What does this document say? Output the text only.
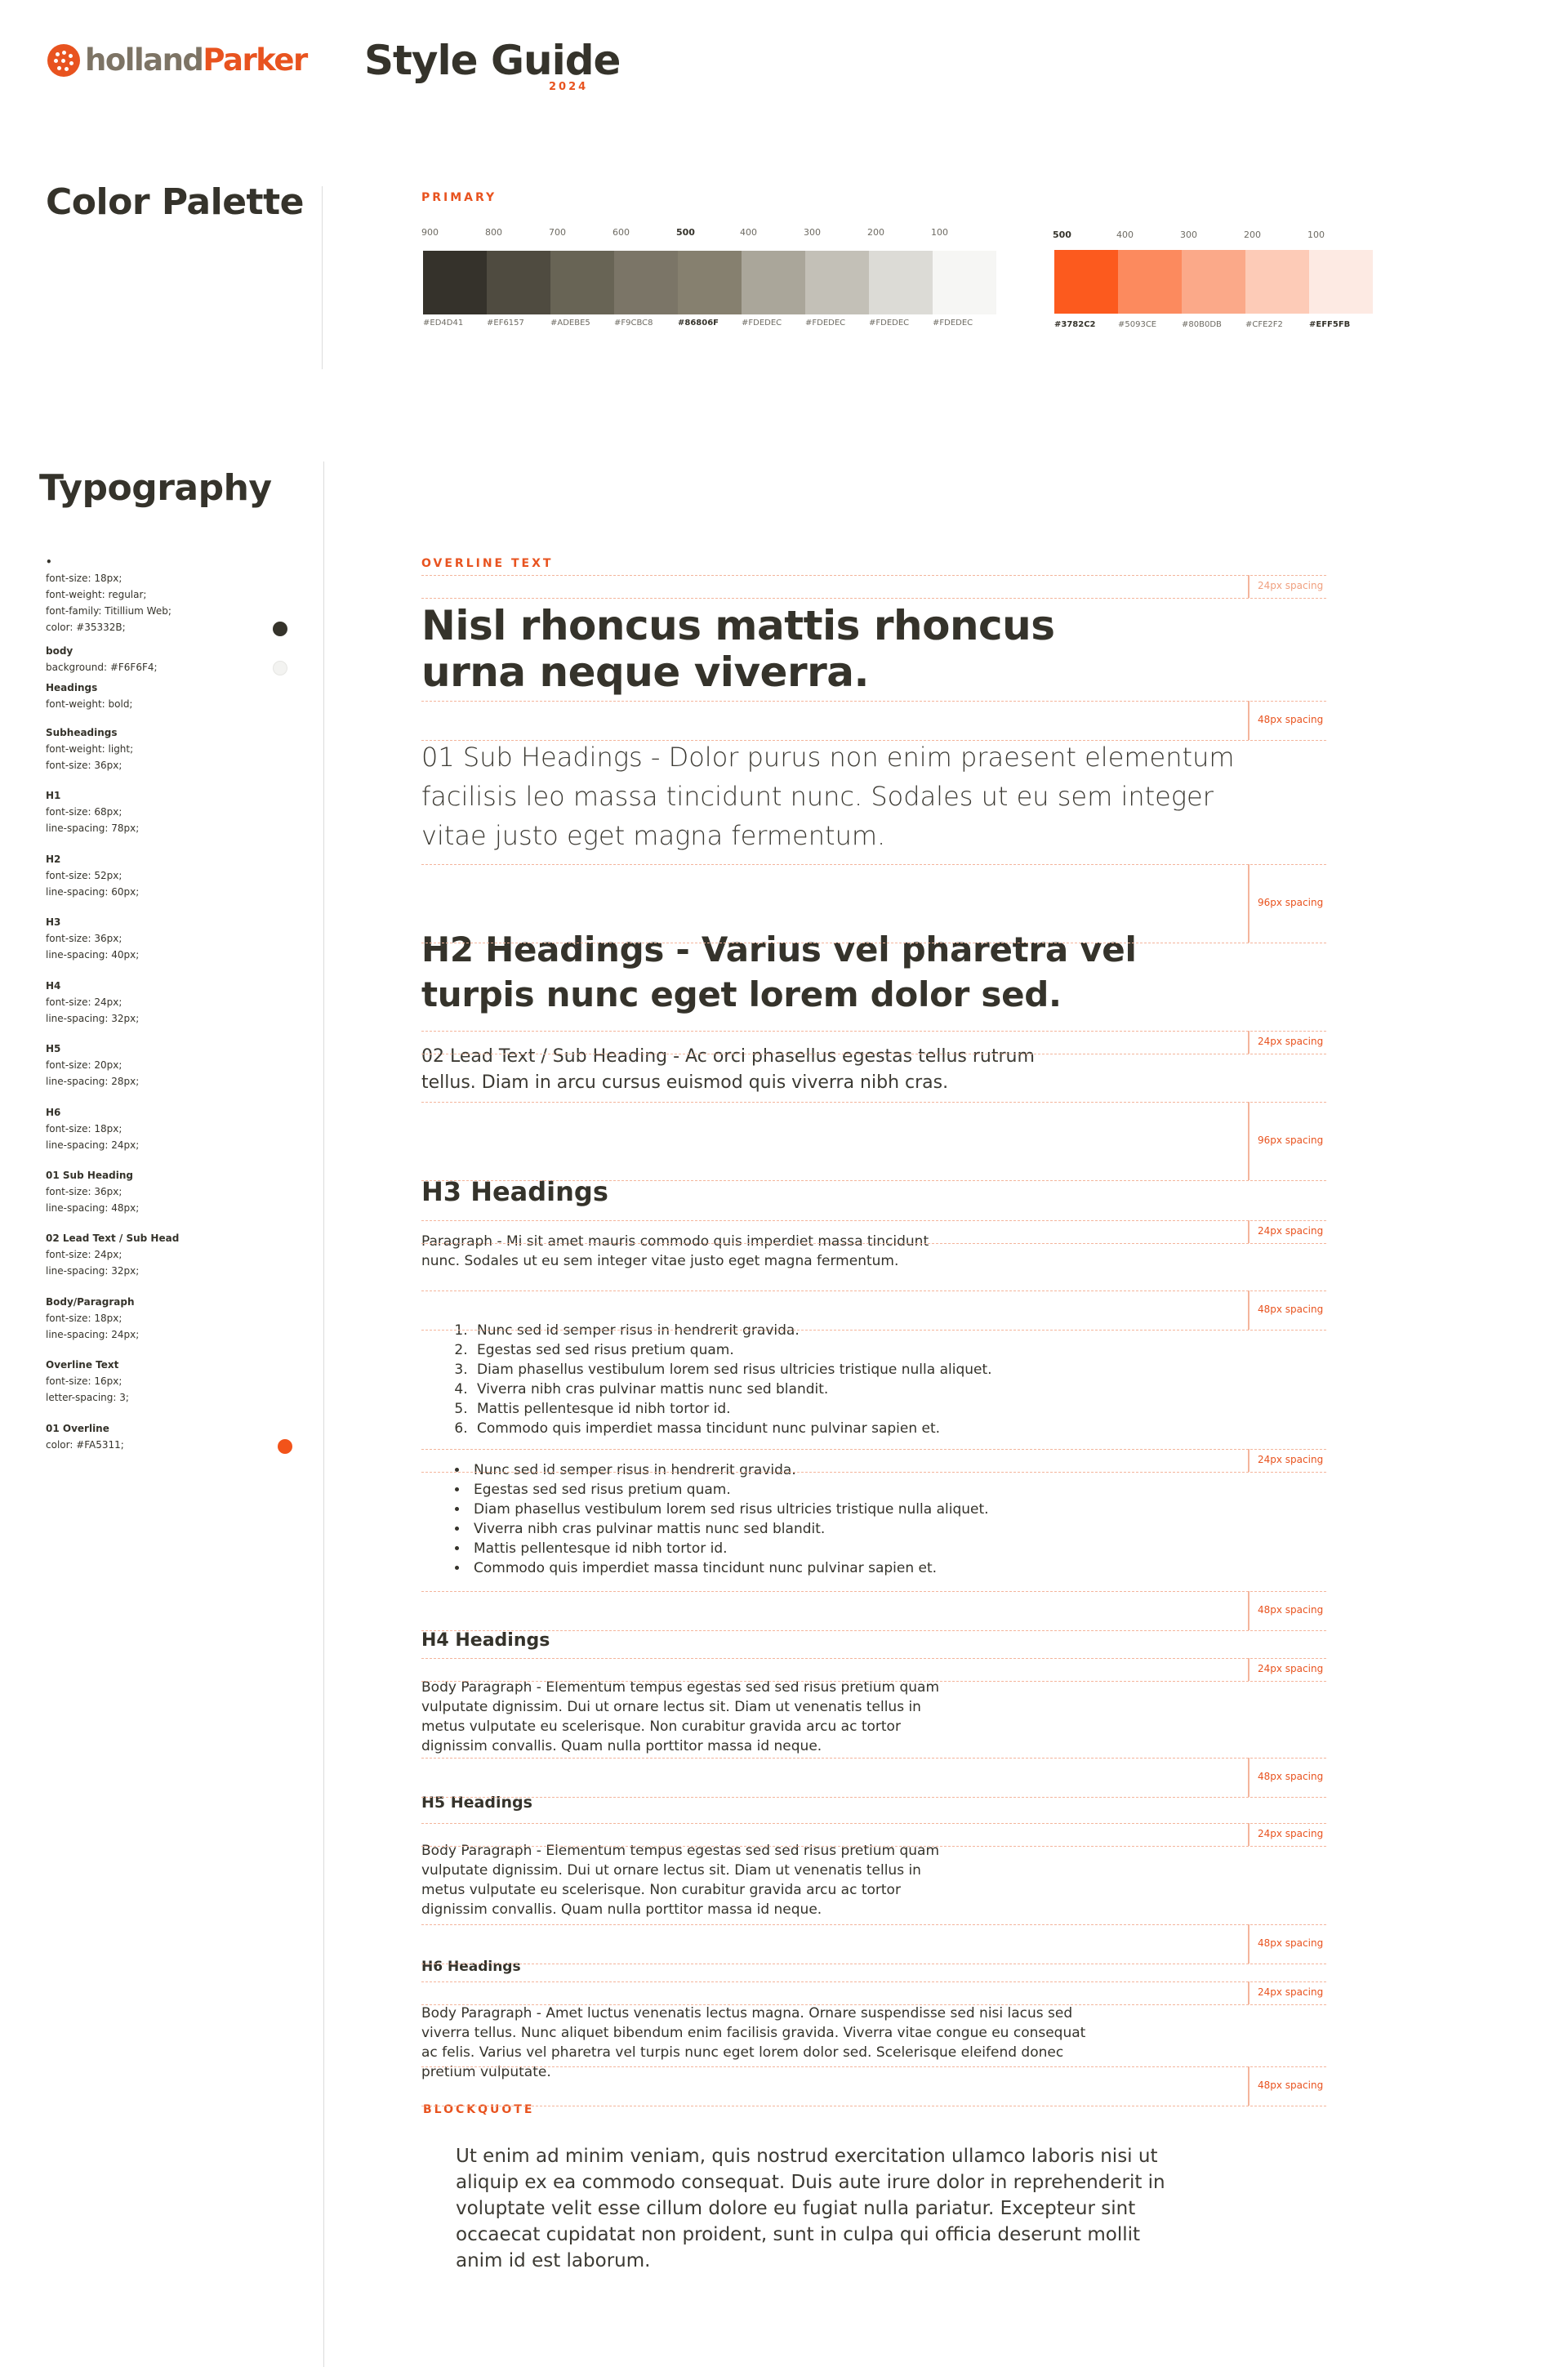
hollandParker Style Guide
2024
Color Palette	PRIMARY
900
#ED4D41
800
#EF6157
700
#ADEBE5
600
#F9CBC8
500
#86806F
400
#FDEDEC
300
#FDEDEC
200
#FDEDEC
100
#FDEDEC
500
#3782C2
400
#5093CE
300
#80B0DB
200
#CFE2F2
100
#EFF5FB
Typography
•
font-size: 18px;
font-weight: regular;
font-family: Titillium Web;
color: #35332B;
body
background: #F6F6F4;
Headings
font-weight: bold;
Subheadings
font-weight: light;
font-size: 36px;
H1
font-size: 68px;
line-spacing: 78px;
H2
font-size: 52px;
line-spacing: 60px;
H3
font-size: 36px;
line-spacing: 40px;
H4
font-size: 24px;
line-spacing: 32px;
H5
font-size: 20px;
line-spacing: 28px;
H6
font-size: 18px;
line-spacing: 24px;
01 Sub Heading
font-size: 36px;
line-spacing: 48px;
02 Lead Text / Sub Head
font-size: 24px;
line-spacing: 32px;
Body/Paragraph
font-size: 18px;
line-spacing: 24px;
Overline Text
font-size: 16px;
letter-spacing: 3;
01 Overline
color: #FA5311;
OVERLINE TEXT
Nisl rhoncus mattis rhoncus urna neque viverra.
01 Sub Headings - Dolor purus non enim praesent elementum facilisis leo massa tincidunt nunc. Sodales ut eu sem integer vitae justo eget magna fermentum.
H2 Headings - Varius vel pharetra vel turpis nunc eget lorem dolor sed.
02 Lead Text / Sub Heading - Ac orci phasellus egestas tellus rutrum tellus. Diam in arcu cursus euismod quis viverra nibh cras.
H3 Headings
Paragraph - Mi sit amet mauris commodo quis imperdiet massa tincidunt nunc. Sodales ut eu sem integer vitae justo eget magna fermentum.
1. Nunc sed id semper risus in hendrerit gravida.
2. Egestas sed sed risus pretium quam.
3. Diam phasellus vestibulum lorem sed risus ultricies tristique nulla aliquet.
4. Viverra nibh cras pulvinar mattis nunc sed blandit.
5. Mattis pellentesque id nibh tortor id.
6. Commodo quis imperdiet massa tincidunt nunc pulvinar sapien et.
• Nunc sed id semper risus in hendrerit gravida.
• Egestas sed sed risus pretium quam.
• Diam phasellus vestibulum lorem sed risus ultricies tristique nulla aliquet.
• Viverra nibh cras pulvinar mattis nunc sed blandit.
• Mattis pellentesque id nibh tortor id.
• Commodo quis imperdiet massa tincidunt nunc pulvinar sapien et.
H4 Headings
Body Paragraph - Elementum tempus egestas sed sed risus pretium quam vulputate dignissim. Dui ut ornare lectus sit. Diam ut venenatis tellus in metus vulputate eu scelerisque. Non curabitur gravida arcu ac tortor dignissim convallis. Quam nulla porttitor massa id neque.
H5 Headings
Body Paragraph - Elementum tempus egestas sed sed risus pretium quam vulputate dignissim. Dui ut ornare lectus sit. Diam ut venenatis tellus in metus vulputate eu scelerisque. Non curabitur gravida arcu ac tortor dignissim convallis. Quam nulla porttitor massa id neque.
H6 Headings
Body Paragraph - Amet luctus venenatis lectus magna. Ornare suspendisse sed nisi lacus sed viverra tellus. Nunc aliquet bibendum enim facilisis gravida. Viverra vitae congue eu consequat ac felis. Varius vel pharetra vel turpis nunc eget lorem dolor sed. Scelerisque eleifend donec pretium vulputate.
BLOCKQUOTE
Ut enim ad minim veniam, quis nostrud exercitation ullamco laboris nisi ut aliquip ex ea commodo consequat. Duis aute irure dolor in reprehenderit in voluptate velit esse cillum dolore eu fugiat nulla pariatur. Excepteur sint occaecat cupidatat non proident, sunt in culpa qui officia deserunt mollit anim id est laborum.
24px spacing
48px spacing
96px spacing
24px spacing
96px spacing
24px spacing
48px spacing
24px spacing
48px spacing
24px spacing
48px spacing
24px spacing
48px spacing
24px spacing
48px spacing
